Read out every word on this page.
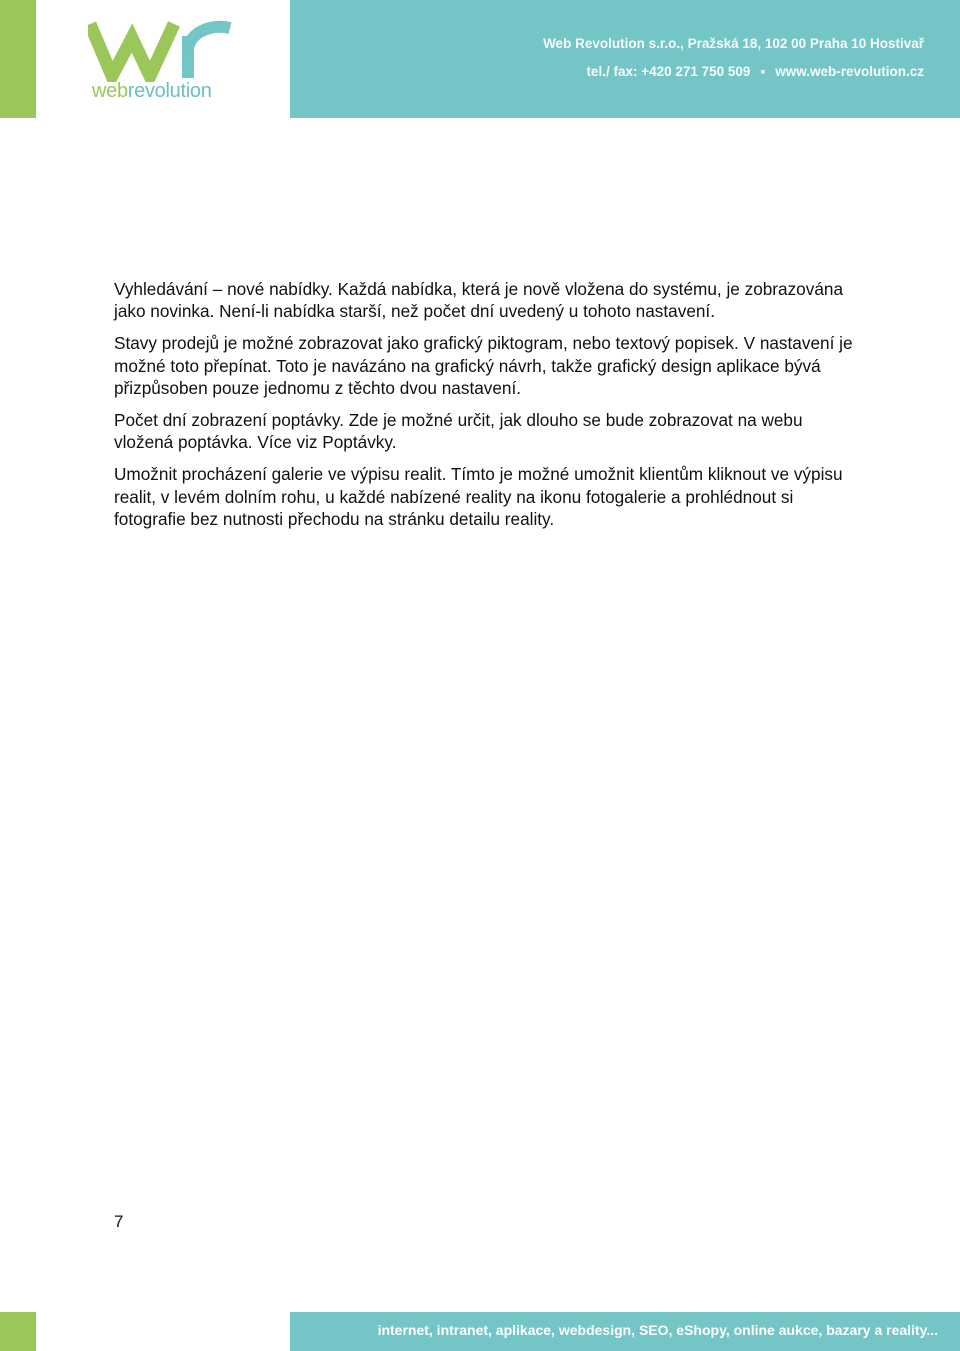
webrevolution
Web Revolution s.r.o., Pražská 18, 102 00 Praha 10 Hostivař
tel./ fax: +420 271 750 509 ▪ www.web-revolution.cz

Vyhledávání – nové nabídky. Každá nabídka, která je nově vložena do systému, je zobrazována jako novinka. Není-li nabídka starší, než počet dní uvedený u tohoto nastavení.

Stavy prodejů je možné zobrazovat jako grafický piktogram, nebo textový popisek. V nastavení je možné toto přepínat. Toto je navázáno na grafický návrh, takže grafický design aplikace bývá přizpůsoben pouze jednomu z těchto dvou nastavení.

Počet dní zobrazení poptávky. Zde je možné určit, jak dlouho se bude zobrazovat na webu vložená poptávka. Více viz Poptávky.

Umožnit procházení galerie ve výpisu realit. Tímto je možné umožnit klientům kliknout ve výpisu realit, v levém dolním rohu, u každé nabízené reality na ikonu fotogalerie a prohlédnout si fotografie bez nutnosti přechodu na stránku detailu reality.

7
internet, intranet, aplikace, webdesign, SEO, eShopy, online aukce, bazary a reality...
